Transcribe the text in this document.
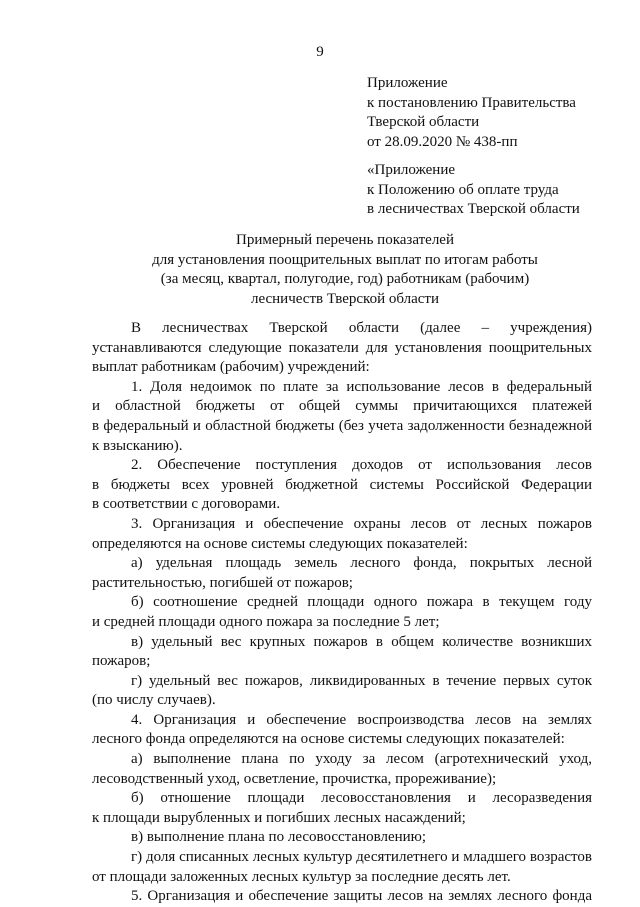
9
Приложение
к постановлению Правительства
Тверской области
от 28.09.2020 № 438-пп
«Приложение
к Положению об оплате труда
в лесничествах Тверской области
Примерный перечень показателей
для установления поощрительных выплат по итогам работы
(за месяц, квартал, полугодие, год) работникам (рабочим)
лесничеств Тверской области
В лесничествах Тверской области (далее – учреждения)
устанавливаются следующие показатели для установления поощрительных
выплат работникам (рабочим) учреждений:
1. Доля недоимок по плате за использование лесов в федеральный
и областной бюджеты от общей суммы причитающихся платежей
в федеральный и областной бюджеты (без учета задолженности безнадежной
к взысканию).
2. Обеспечение поступления доходов от использования лесов
в бюджеты всех уровней бюджетной системы Российской Федерации
в соответствии с договорами.
3. Организация и обеспечение охраны лесов от лесных пожаров
определяются на основе системы следующих показателей:
а) удельная площадь земель лесного фонда, покрытых лесной
растительностью, погибшей от пожаров;
б) соотношение средней площади одного пожара в текущем году
и средней площади одного пожара за последние 5 лет;
в) удельный вес крупных пожаров в общем количестве возникших
пожаров;
г) удельный вес пожаров, ликвидированных в течение первых суток
(по числу случаев).
4. Организация и обеспечение воспроизводства лесов на землях
лесного фонда определяются на основе системы следующих показателей:
а) выполнение плана по уходу за лесом (агротехнический уход,
лесоводственный уход, осветление, прочистка, прореживание);
б) отношение площади лесовосстановления и лесоразведения
к площади вырубленных и погибших лесных насаждений;
в) выполнение плана по лесовосстановлению;
г) доля списанных лесных культур десятилетнего и младшего возрастов
от площади заложенных лесных культур за последние десять лет.
5. Организация и обеспечение защиты лесов на землях лесного фонда
